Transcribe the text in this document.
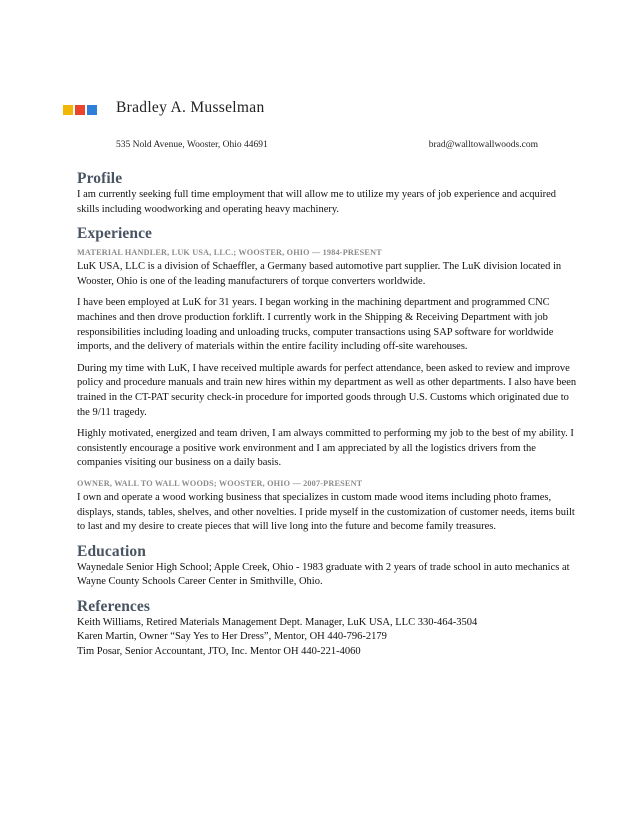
Bradley A. Musselman
535 Nold Avenue, Wooster, Ohio 44691	brad@walltowallwoods.com
Profile

I am currently seeking full time employment that will allow me to utilize my years of job experience and acquired skills including woodworking and operating heavy machinery.

Experience
MATERIAL HANDLER, LUK USA, LLC.; WOOSTER, OHIO — 1984-PRESENT

LuK USA, LLC is a division of Schaeffler, a Germany based automotive part supplier. The LuK division located in Wooster, Ohio is one of the leading manufacturers of torque converters worldwide.

I have been employed at LuK for 31 years. I began working in the machining department and programmed CNC machines and then drove production forklift. I currently work in the Shipping & Receiving Department with job responsibilities including loading and unloading trucks, computer transactions using SAP software for worldwide imports, and the delivery of materials within the entire facility including off-site warehouses.

During my time with LuK, I have received multiple awards for perfect attendance, been asked to review and improve policy and procedure manuals and train new hires within my department as well as other departments. I also have been trained in the CT-PAT security check-in procedure for imported goods through U.S. Customs which originated due to the 9/11 tragedy.

Highly motivated, energized and team driven, I am always committed to performing my job to the best of my ability. I consistently encourage a positive work environment and I am appreciated by all the logistics drivers from the companies visiting our business on a daily basis.

OWNER, WALL TO WALL WOODS; WOOSTER, OHIO — 2007-PRESENT

I own and operate a wood working business that specializes in custom made wood items including photo frames, displays, stands, tables, shelves, and other novelties. I pride myself in the customization of customer needs, items built to last and my desire to create pieces that will live long into the future and become family treasures.

Education

Waynedale Senior High School; Apple Creek, Ohio - 1983 graduate with 2 years of trade school in auto mechanics at Wayne County Schools Career Center in Smithville, Ohio.

References
Keith Williams, Retired Materials Management Dept. Manager, LuK USA, LLC 330-464-3504
Karen Martin, Owner “Say Yes to Her Dress”, Mentor, OH 440-796-2179
Tim Posar, Senior Accountant, JTO, Inc. Mentor OH 440-221-4060
